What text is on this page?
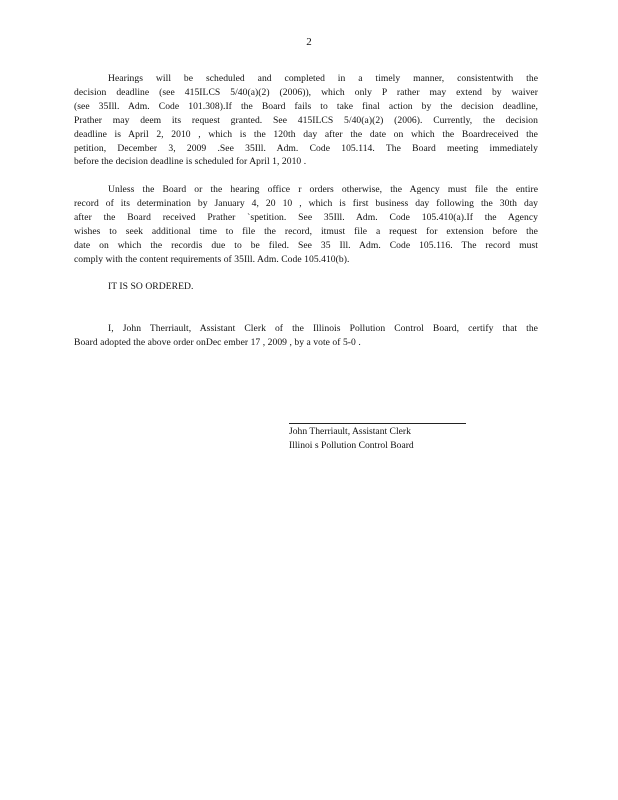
2
Hearings will be scheduled and completed in a timely manner, consistentwith the
decision deadline (see 415ILCS 5/40(a)(2) (2006)), which only P rather may extend by waiver
(see 35Ill. Adm. Code 101.308).If the Board fails to take final action by the decision deadline,
Prather may deem its request granted. See 415ILCS 5/40(a)(2) (2006). Currently, the decision
deadline is April 2, 2010 , which is the 120th day after the date on which the Boardreceived the
petition, December 3, 2009 .See 35Ill. Adm. Code 105.114. The Board meeting immediately
before the decision deadline is scheduled for April 1, 2010 .
Unless the Board or the hearing office r orders otherwise, the Agency must file the entire
record of its determination by January 4, 20 10 , which is first business day following the 30th day
after the Board received Prather `spetition. See 35Ill. Adm. Code 105.410(a).If the Agency
wishes to seek additional time to file the record, itmust file a request for extension before the
date on which the recordis due to be filed. See 35 Ill. Adm. Code 105.116. The record must
comply with the content requirements of 35Ill. Adm. Code 105.410(b).
IT IS SO ORDERED.
I, John Therriault, Assistant Clerk of the Illinois Pollution Control Board, certify that the
Board adopted the above order onDec ember 17 , 2009 , by a vote of 5-0 .
John Therriault, Assistant Clerk
Illinoi s Pollution Control Board
